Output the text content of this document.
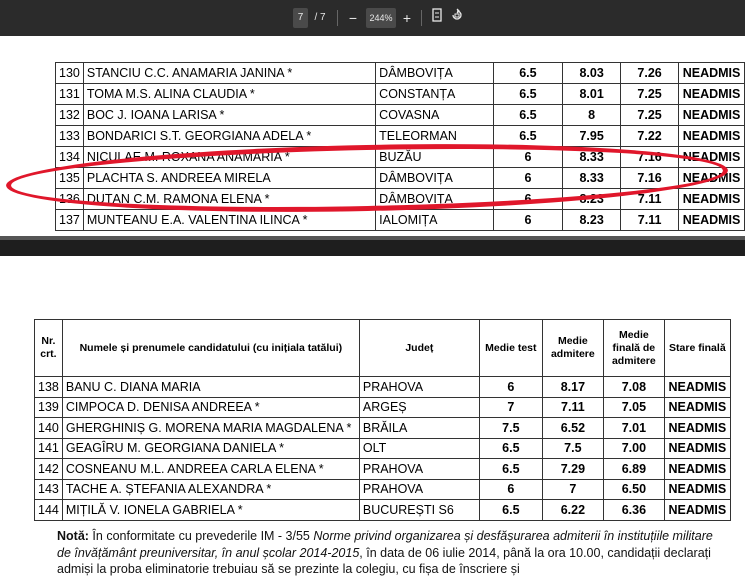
7	/ 7 −	244% +
130	STANCIU C.C. ANAMARIA JANINA *	DÂMBOVIȚA	6.5	8.03	7.26	NEADMIS
131	TOMA M.S. ALINA CLAUDIA *	CONSTANȚA	6.5	8.01	7.25	NEADMIS
132	BOC J. IOANA LARISA *	COVASNA	6.5	8	7.25	NEADMIS
133	BONDARICI S.T. GEORGIANA ADELA *	TELEORMAN	6.5	7.95	7.22	NEADMIS
134	NICULAE M. ROXANA ANAMARIA *	BUZĂU	6	8.33	7.16	NEADMIS
135	PLACHTA S. ANDREEA MIRELA	DÂMBOVIȚA	6	8.33	7.16	NEADMIS
136	DUȚAN C.M. RAMONA ELENA *	DÂMBOVIȚA	6	8.23	7.11	NEADMIS
137	MUNTEANU E.A. VALENTINA ILINCA *	IALOMIȚA	6	8.23	7.11	NEADMIS
Nr. crt.	Numele și prenumele candidatului (cu inițiala tatălui)	Județ	Medie test	Medie admitere	Medie finală de admitere	Stare finală
138	BANU C. DIANA MARIA	PRAHOVA	6	8.17	7.08	NEADMIS
139	CIMPOCA D. DENISA ANDREEA *	ARGEȘ	7	7.11	7.05	NEADMIS
140	GHERGHINIȘ G. MORENA MARIA MAGDALENA *	BRĂILA	7.5	6.52	7.01	NEADMIS
141	GEAGÎRU M. GEORGIANA DANIELA *	OLT	6.5	7.5	7.00	NEADMIS
142	COSNEANU M.L. ANDREEA CARLA ELENA *	PRAHOVA	6.5	7.29	6.89	NEADMIS
143	TACHE A. ȘTEFANIA ALEXANDRA *	PRAHOVA	6	7	6.50	NEADMIS
144	MIȚILĂ V. IONELA GABRIELA *	BUCUREȘTI S6	6.5	6.22	6.36	NEADMIS
Notă: În conformitate cu prevederile IM - 3/55 Norme privind organizarea și desfășurarea admiterii în instituțiile militare de învățământ preuniversitar, în anul școlar 2014-2015, în data de 06 iulie 2014, până la ora 10.00, candidații declarați admiși la proba eliminatorie trebuiau să se prezinte la colegiu, cu fișa de înscriere și
